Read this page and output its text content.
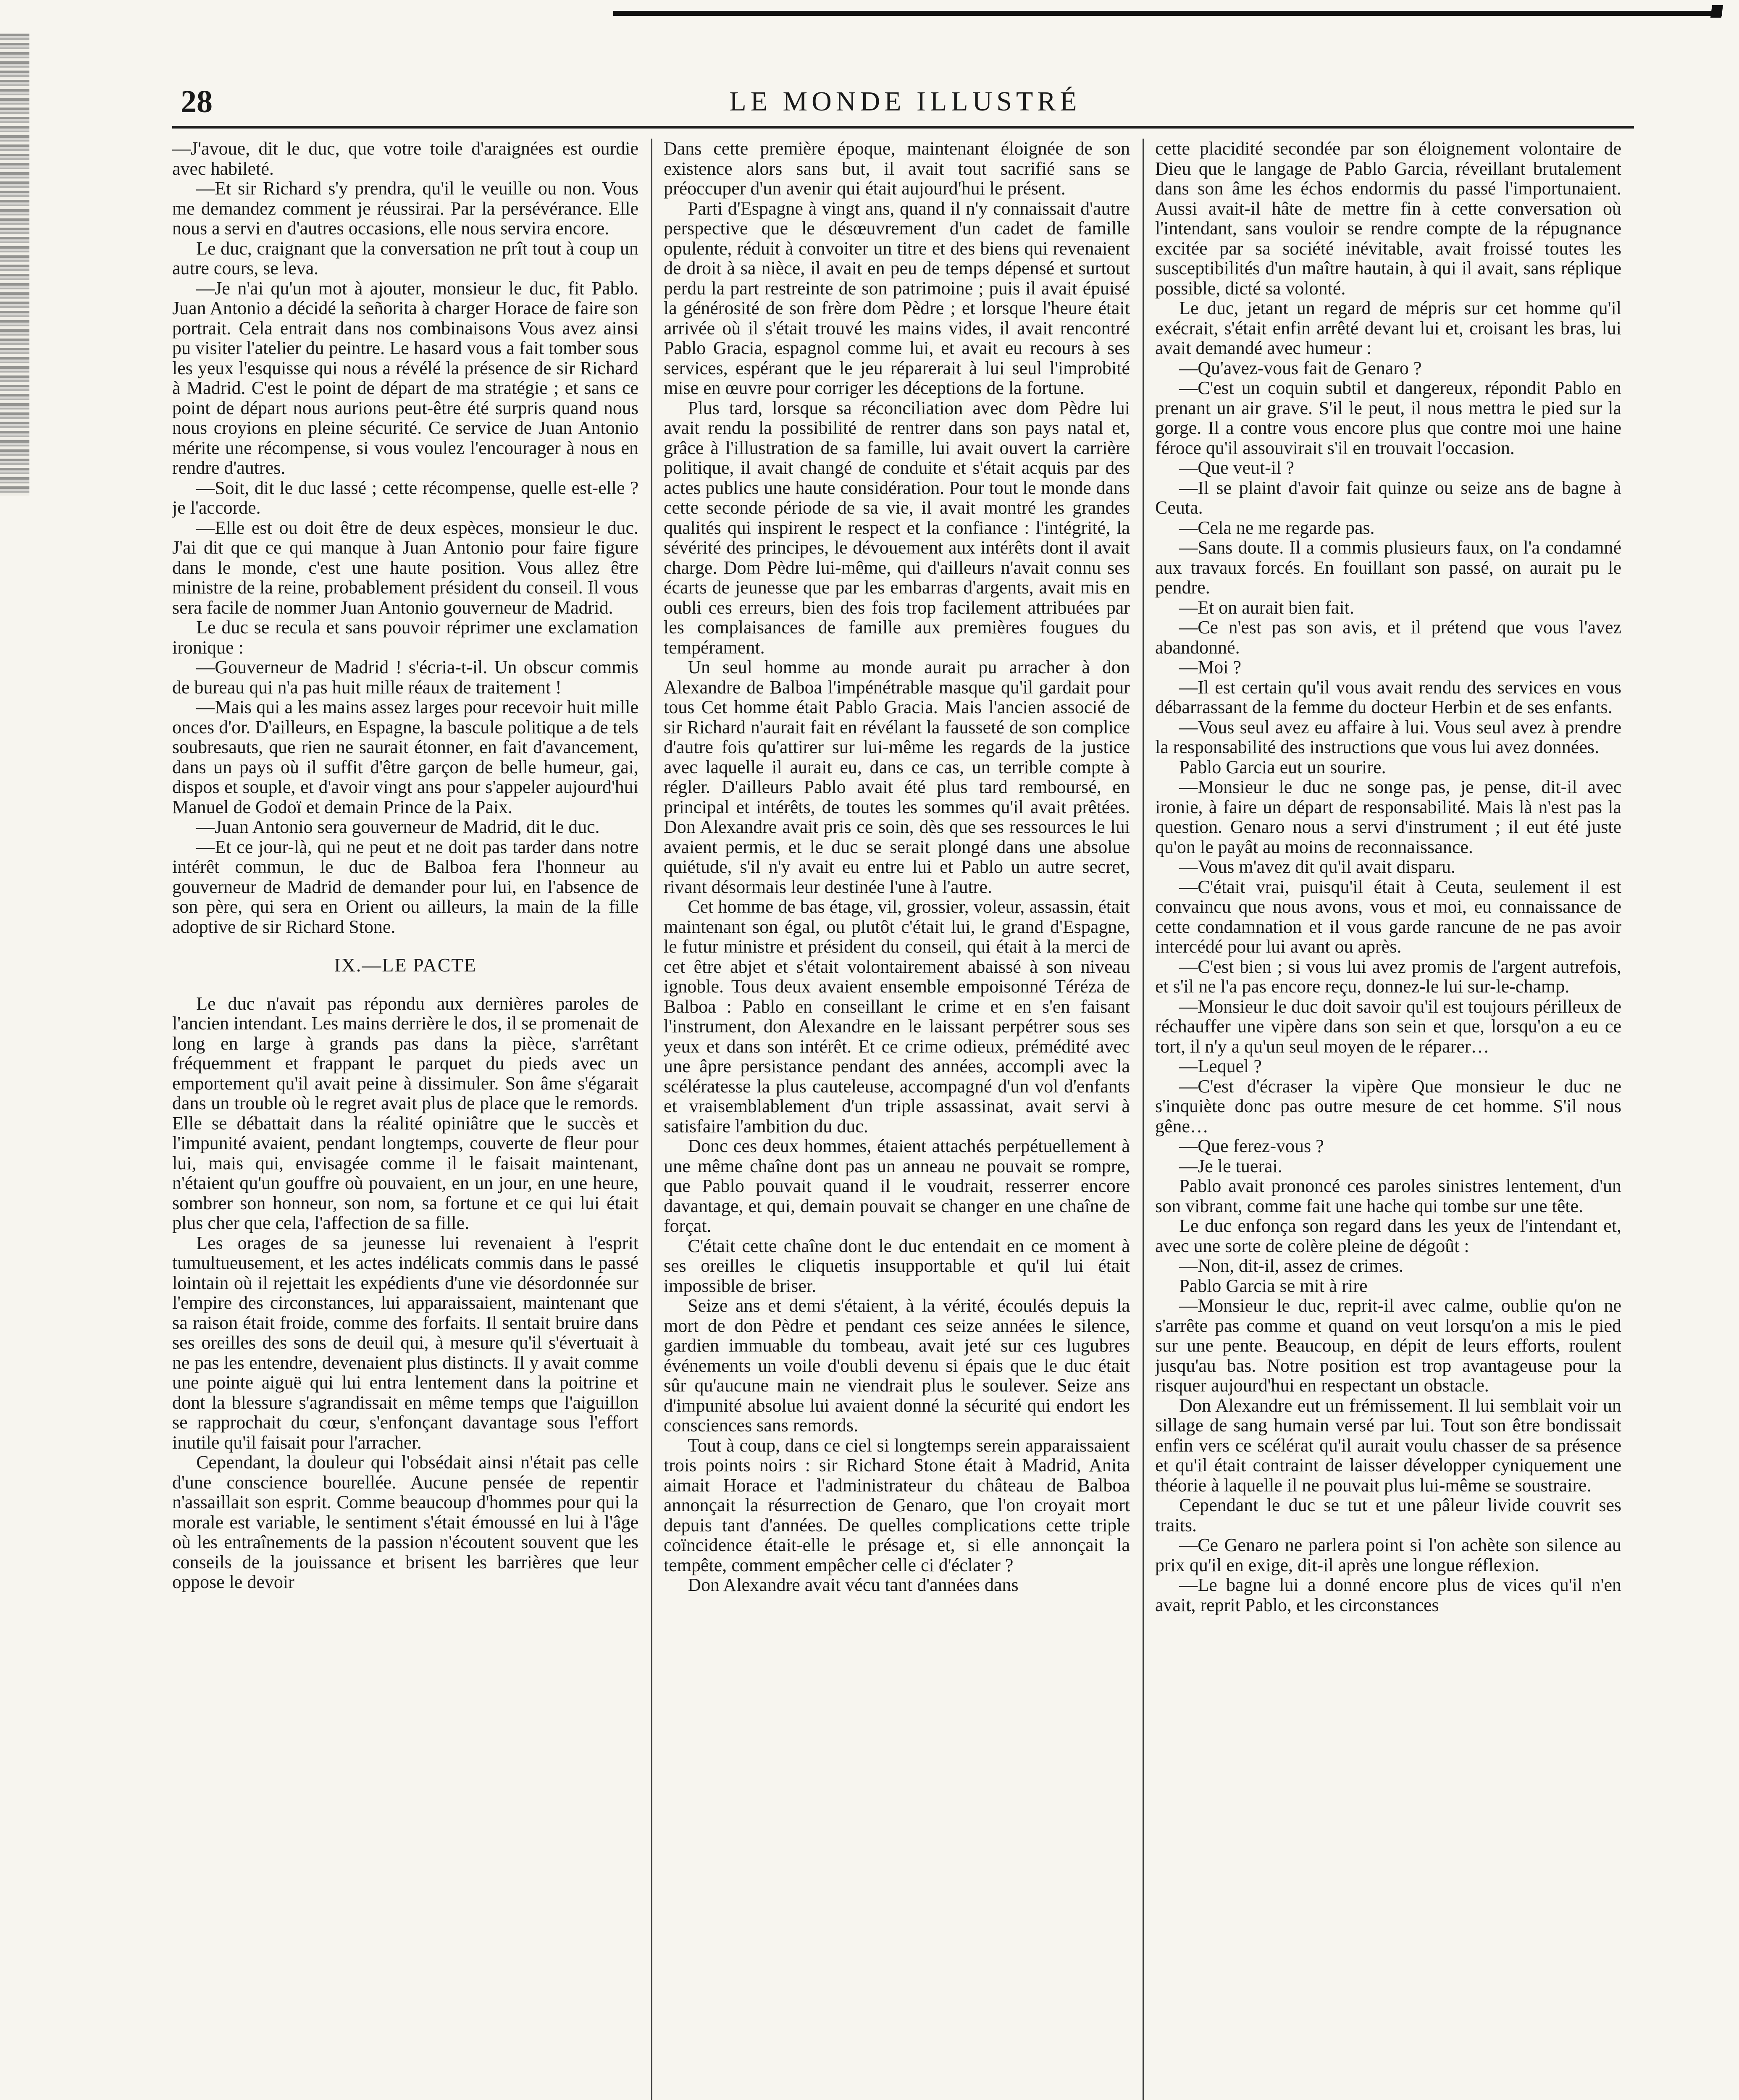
28	LE MONDE ILLUSTRÉ

—J'avoue, dit le duc, que votre toile d'araignées est ourdie avec habileté.

—Et sir Richard s'y prendra, qu'il le veuille ou non. Vous me demandez comment je réussirai. Par la persévérance. Elle nous a servi en d'autres occasions, elle nous servira encore.

Le duc, craignant que la conversation ne prît tout à coup un autre cours, se leva.

—Je n'ai qu'un mot à ajouter, monsieur le duc, fit Pablo. Juan Antonio a décidé la señorita à charger Horace de faire son portrait. Cela entrait dans nos combinaisons Vous avez ainsi pu visiter l'atelier du peintre. Le hasard vous a fait tomber sous les yeux l'esquisse qui nous a révélé la présence de sir Richard à Madrid. C'est le point de départ de ma stratégie ; et sans ce point de départ nous aurions peut-être été surpris quand nous nous croyions en pleine sécurité. Ce service de Juan Antonio mérite une récompense, si vous voulez l'encourager à nous en rendre d'autres.

—Soit, dit le duc lassé ; cette récompense, quelle est-elle ? je l'accorde.

—Elle est ou doit être de deux espèces, monsieur le duc. J'ai dit que ce qui manque à Juan Antonio pour faire figure dans le monde, c'est une haute position. Vous allez être ministre de la reine, probablement président du conseil. Il vous sera facile de nommer Juan Antonio gouverneur de Madrid.

Le duc se recula et sans pouvoir réprimer une exclamation ironique :

—Gouverneur de Madrid ! s'écria-t-il. Un obscur commis de bureau qui n'a pas huit mille réaux de traitement !

—Mais qui a les mains assez larges pour recevoir huit mille onces d'or. D'ailleurs, en Espagne, la bascule politique a de tels soubresauts, que rien ne saurait étonner, en fait d'avancement, dans un pays où il suffit d'être garçon de belle humeur, gai, dispos et souple, et d'avoir vingt ans pour s'appeler aujourd'hui Manuel de Godoï et demain Prince de la Paix.

—Juan Antonio sera gouverneur de Madrid, dit le duc.

—Et ce jour-là, qui ne peut et ne doit pas tarder dans notre intérêt commun, le duc de Balboa fera l'honneur au gouverneur de Madrid de demander pour lui, en l'absence de son père, qui sera en Orient ou ailleurs, la main de la fille adoptive de sir Richard Stone.

IX.—LE PACTE

Le duc n'avait pas répondu aux dernières paroles de l'ancien intendant. Les mains derrière le dos, il se promenait de long en large à grands pas dans la pièce, s'arrêtant fréquemment et frappant le parquet du pieds avec un emportement qu'il avait peine à dissimuler. Son âme s'égarait dans un trouble où le regret avait plus de place que le remords. Elle se débattait dans la réalité opiniâtre que le succès et l'impunité avaient, pendant longtemps, couverte de fleur pour lui, mais qui, envisagée comme il le faisait maintenant, n'étaient qu'un gouffre où pouvaient, en un jour, en une heure, sombrer son honneur, son nom, sa fortune et ce qui lui était plus cher que cela, l'affection de sa fille.

Les orages de sa jeunesse lui revenaient à l'esprit tumultueusement, et les actes indélicats commis dans le passé lointain où il rejettait les expédients d'une vie désordonnée sur l'empire des circonstances, lui apparaissaient, maintenant que sa raison était froide, comme des forfaits. Il sentait bruire dans ses oreilles des sons de deuil qui, à mesure qu'il s'évertuait à ne pas les entendre, devenaient plus distincts. Il y avait comme une pointe aiguë qui lui entra lentement dans la poitrine et dont la blessure s'agrandissait en même temps que l'aiguillon se rapprochait du cœur, s'enfonçant davantage sous l'effort inutile qu'il faisait pour l'arracher.

Cependant, la douleur qui l'obsédait ainsi n'était pas celle d'une conscience bourellée. Aucune pensée de repentir n'assaillait son esprit. Comme beaucoup d'hommes pour qui la morale est variable, le sentiment s'était émoussé en lui à l'âge où les entraînements de la passion n'écoutent souvent que les conseils de la jouissance et brisent les barrières que leur oppose le devoir

Dans cette première époque, maintenant éloignée de son existence alors sans but, il avait tout sacrifié sans se préoccuper d'un avenir qui était aujourd'hui le présent.

Parti d'Espagne à vingt ans, quand il n'y connaissait d'autre perspective que le désœuvrement d'un cadet de famille opulente, réduit à convoiter un titre et des biens qui revenaient de droit à sa nièce, il avait en peu de temps dépensé et surtout perdu la part restreinte de son patrimoine ; puis il avait épuisé la générosité de son frère dom Pèdre ; et lorsque l'heure était arrivée où il s'était trouvé les mains vides, il avait rencontré Pablo Gracia, espagnol comme lui, et avait eu recours à ses services, espérant que le jeu réparerait à lui seul l'improbité mise en œuvre pour corriger les déceptions de la fortune.

Plus tard, lorsque sa réconciliation avec dom Pèdre lui avait rendu la possibilité de rentrer dans son pays natal et, grâce à l'illustration de sa famille, lui avait ouvert la carrière politique, il avait changé de conduite et s'était acquis par des actes publics une haute considération. Pour tout le monde dans cette seconde période de sa vie, il avait montré les grandes qualités qui inspirent le respect et la confiance : l'intégrité, la sévérité des principes, le dévouement aux intérêts dont il avait charge. Dom Pèdre lui-même, qui d'ailleurs n'avait connu ses écarts de jeunesse que par les embarras d'argents, avait mis en oubli ces erreurs, bien des fois trop facilement attribuées par les complaisances de famille aux premières fougues du tempérament.

Un seul homme au monde aurait pu arracher à don Alexandre de Balboa l'impénétrable masque qu'il gardait pour tous Cet homme était Pablo Gracia. Mais l'ancien associé de sir Richard n'aurait fait en révélant la fausseté de son complice d'autre fois qu'attirer sur lui-même les regards de la justice avec laquelle il aurait eu, dans ce cas, un terrible compte à régler. D'ailleurs Pablo avait été plus tard remboursé, en principal et intérêts, de toutes les sommes qu'il avait prêtées. Don Alexandre avait pris ce soin, dès que ses ressources le lui avaient permis, et le duc se serait plongé dans une absolue quiétude, s'il n'y avait eu entre lui et Pablo un autre secret, rivant désormais leur destinée l'une à l'autre.

Cet homme de bas étage, vil, grossier, voleur, assassin, était maintenant son égal, ou plutôt c'était lui, le grand d'Espagne, le futur ministre et président du conseil, qui était à la merci de cet être abjet et s'était volontairement abaissé à son niveau ignoble. Tous deux avaient ensemble empoisonné Téréza de Balboa : Pablo en conseillant le crime et en s'en faisant l'instrument, don Alexandre en le laissant perpétrer sous ses yeux et dans son intérêt. Et ce crime odieux, prémédité avec une âpre persistance pendant des années, accompli avec la scélératesse la plus cauteleuse, accompagné d'un vol d'enfants et vraisemblablement d'un triple assassinat, avait servi à satisfaire l'ambition du duc.

Donc ces deux hommes, étaient attachés perpétuellement à une même chaîne dont pas un anneau ne pouvait se rompre, que Pablo pouvait quand il le voudrait, resserrer encore davantage, et qui, demain pouvait se changer en une chaîne de forçat.

C'était cette chaîne dont le duc entendait en ce moment à ses oreilles le cliquetis insupportable et qu'il lui était impossible de briser.

Seize ans et demi s'étaient, à la vérité, écoulés depuis la mort de don Pèdre et pendant ces seize années le silence, gardien immuable du tombeau, avait jeté sur ces lugubres événements un voile d'oubli devenu si épais que le duc était sûr qu'aucune main ne viendrait plus le soulever. Seize ans d'impunité absolue lui avaient donné la sécurité qui endort les consciences sans remords.

Tout à coup, dans ce ciel si longtemps serein apparaissaient trois points noirs : sir Richard Stone était à Madrid, Anita aimait Horace et l'administrateur du château de Balboa annonçait la résurrection de Genaro, que l'on croyait mort depuis tant d'années. De quelles complications cette triple coïncidence était-elle le présage et, si elle annonçait la tempête, comment empêcher celle ci d'éclater ?

Don Alexandre avait vécu tant d'années dans

cette placidité secondée par son éloignement volontaire de Dieu que le langage de Pablo Garcia, réveillant brutalement dans son âme les échos endormis du passé l'importunaient. Aussi avait-il hâte de mettre fin à cette conversation où l'intendant, sans vouloir se rendre compte de la répugnance excitée par sa société inévitable, avait froissé toutes les susceptibilités d'un maître hautain, à qui il avait, sans réplique possible, dicté sa volonté.

Le duc, jetant un regard de mépris sur cet homme qu'il exécrait, s'était enfin arrêté devant lui et, croisant les bras, lui avait demandé avec humeur :

—Qu'avez-vous fait de Genaro ?

—C'est un coquin subtil et dangereux, répondit Pablo en prenant un air grave. S'il le peut, il nous mettra le pied sur la gorge. Il a contre vous encore plus que contre moi une haine féroce qu'il assouvirait s'il en trouvait l'occasion.

—Que veut-il ?

—Il se plaint d'avoir fait quinze ou seize ans de bagne à Ceuta.

—Cela ne me regarde pas.

—Sans doute. Il a commis plusieurs faux, on l'a condamné aux travaux forcés. En fouillant son passé, on aurait pu le pendre.

—Et on aurait bien fait.

—Ce n'est pas son avis, et il prétend que vous l'avez abandonné.

—Moi ?

—Il est certain qu'il vous avait rendu des services en vous débarrassant de la femme du docteur Herbin et de ses enfants.

—Vous seul avez eu affaire à lui. Vous seul avez à prendre la responsabilité des instructions que vous lui avez données.

Pablo Garcia eut un sourire.

—Monsieur le duc ne songe pas, je pense, dit-il avec ironie, à faire un départ de responsabilité. Mais là n'est pas la question. Genaro nous a servi d'instrument ; il eut été juste qu'on le payât au moins de reconnaissance.

—Vous m'avez dit qu'il avait disparu.

—C'était vrai, puisqu'il était à Ceuta, seulement il est convaincu que nous avons, vous et moi, eu connaissance de cette condamnation et il vous garde rancune de ne pas avoir intercédé pour lui avant ou après.

—C'est bien ; si vous lui avez promis de l'argent autrefois, et s'il ne l'a pas encore reçu, donnez-le lui sur-le-champ.

—Monsieur le duc doit savoir qu'il est toujours périlleux de réchauffer une vipère dans son sein et que, lorsqu'on a eu ce tort, il n'y a qu'un seul moyen de le réparer…

—Lequel ?

—C'est d'écraser la vipère Que monsieur le duc ne s'inquiète donc pas outre mesure de cet homme. S'il nous gêne…

—Que ferez-vous ?

—Je le tuerai.

Pablo avait prononcé ces paroles sinistres lentement, d'un son vibrant, comme fait une hache qui tombe sur une tête.

Le duc enfonça son regard dans les yeux de l'intendant et, avec une sorte de colère pleine de dégoût :

—Non, dit-il, assez de crimes.

Pablo Garcia se mit à rire

—Monsieur le duc, reprit-il avec calme, oublie qu'on ne s'arrête pas comme et quand on veut lorsqu'on a mis le pied sur une pente. Beaucoup, en dépit de leurs efforts, roulent jusqu'au bas. Notre position est trop avantageuse pour la risquer aujourd'hui en respectant un obstacle.

Don Alexandre eut un frémissement. Il lui semblait voir un sillage de sang humain versé par lui. Tout son être bondissait enfin vers ce scélérat qu'il aurait voulu chasser de sa présence et qu'il était contraint de laisser développer cyniquement une théorie à laquelle il ne pouvait plus lui-même se soustraire.

Cependant le duc se tut et une pâleur livide couvrit ses traits.

—Ce Genaro ne parlera point si l'on achète son silence au prix qu'il en exige, dit-il après une longue réflexion.

—Le bagne lui a donné encore plus de vices qu'il n'en avait, reprit Pablo, et les circonstances
